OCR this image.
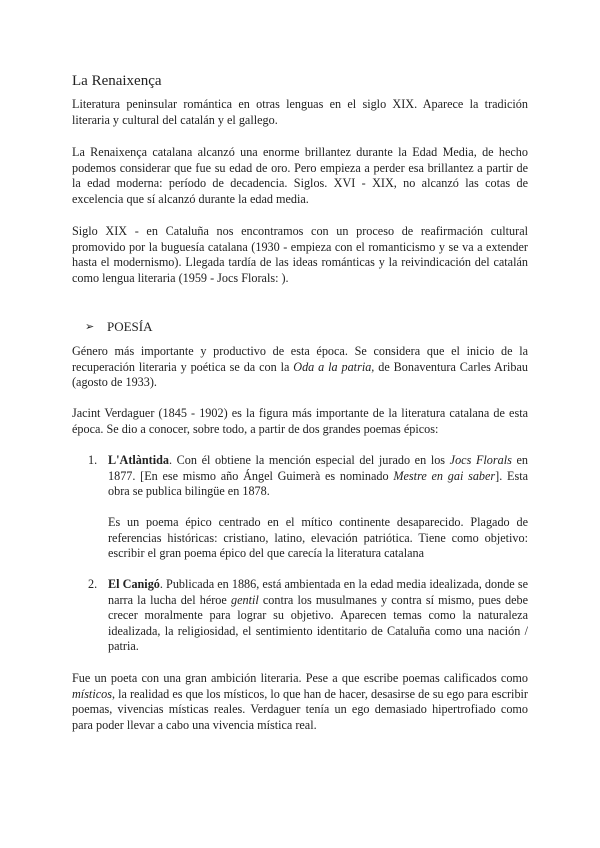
La Renaixença

Literatura peninsular romántica en otras lenguas en el siglo XIX. Aparece la tradición literaria y cultural del catalán y el gallego.

La Renaixença catalana alcanzó una enorme brillantez durante la Edad Media, de hecho podemos considerar que fue su edad de oro. Pero empieza a perder esa brillantez a partir de la edad moderna: período de decadencia. Siglos. XVI - XIX, no alcanzó las cotas de excelencia que sí alcanzó durante la edad media.

Siglo XIX - en Cataluña nos encontramos con un proceso de reafirmación cultural promovido por la buguesía catalana (1930 - empieza con el romanticismo y se va a extender hasta el modernismo). Llegada tardía de las ideas románticas y la reivindicación del catalán como lengua literaria (1959 - Jocs Florals: ).

➢ POESÍA

Género más importante y productivo de esta época. Se considera que el inicio de la recuperación literaria y poética se da con la Oda a la patria, de Bonaventura Carles Aribau (agosto de 1933).

Jacint Verdaguer (1845 - 1902) es la figura más importante de la literatura catalana de esta época. Se dio a conocer, sobre todo, a partir de dos grandes poemas épicos:

1. L'Atlàntida. Con él obtiene la mención especial del jurado en los Jocs Florals en 1877. [En ese mismo año Ángel Guimerà es nominado Mestre en gai saber]. Esta obra se publica bilingüe en 1878.

Es un poema épico centrado en el mítico continente desaparecido. Plagado de referencias históricas: cristiano, latino, elevación patriótica. Tiene como objetivo: escribir el gran poema épico del que carecía la literatura catalana

2. El Canigó. Publicada en 1886, está ambientada en la edad media idealizada, donde se narra la lucha del héroe gentil contra los musulmanes y contra sí mismo, pues debe crecer moralmente para lograr su objetivo. Aparecen temas como la naturaleza idealizada, la religiosidad, el sentimiento identitario de Cataluña como una nación / patria.

Fue un poeta con una gran ambición literaria. Pese a que escribe poemas calificados como místicos, la realidad es que los místicos, lo que han de hacer, desasirse de su ego para escribir poemas, vivencias místicas reales. Verdaguer tenía un ego demasiado hipertrofiado como para poder llevar a cabo una vivencia mística real.
